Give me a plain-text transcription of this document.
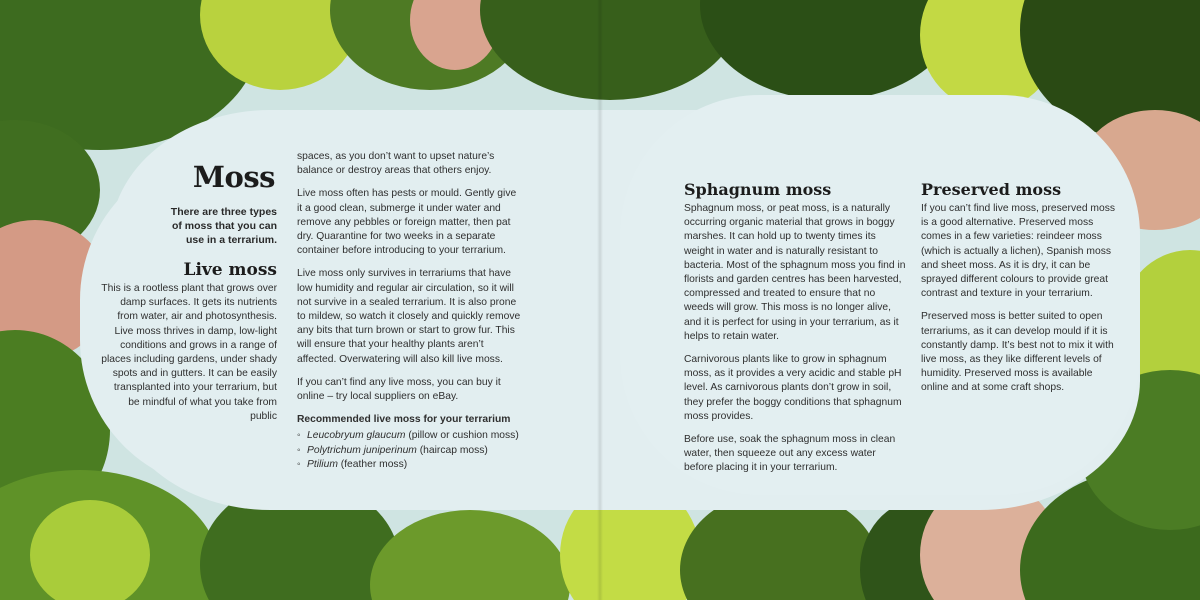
Moss
There are three types of moss that you can use in a terrarium.
Live moss
This is a rootless plant that grows over damp surfaces. It gets its nutrients from water, air and photosynthesis. Live moss thrives in damp, low-light conditions and grows in a range of places including gardens, under shady spots and in gutters. It can be easily transplanted into your terrarium, but be mindful of what you take from public

spaces, as you don’t want to upset nature’s balance or destroy areas that others enjoy.

Live moss often has pests or mould. Gently give it a good clean, submerge it under water and remove any pebbles or foreign matter, then pat dry. Quarantine for two weeks in a separate container before introducing to your terrarium.

Live moss only survives in terrariums that have low humidity and regular air circulation, so it will not survive in a sealed terrarium. It is also prone to mildew, so watch it closely and quickly remove any bits that turn brown or start to grow fur. This will ensure that your healthy plants aren’t affected. Overwatering will also kill live moss.

If you can’t find any live moss, you can buy it online – try local suppliers on eBay.

Recommended live moss for your terrarium
◦ Leucobryum glaucum (pillow or cushion moss)
◦ Polytrichum juniperinum (haircap moss)
◦ Ptilium (feather moss)
Sphagnum moss

Sphagnum moss, or peat moss, is a naturally occurring organic material that grows in boggy marshes. It can hold up to twenty times its weight in water and is naturally resistant to bacteria. Most of the sphagnum moss you find in florists and garden centres has been harvested, compressed and treated to ensure that no weeds will grow. This moss is no longer alive, and it is perfect for using in your terrarium, as it helps to retain water.

Carnivorous plants like to grow in sphagnum moss, as it provides a very acidic and stable pH level. As carnivorous plants don’t grow in soil, they prefer the boggy conditions that sphagnum moss provides.

Before use, soak the sphagnum moss in clean water, then squeeze out any excess water before placing it in your terrarium.

Preserved moss

If you can’t find live moss, preserved moss is a good alternative. Preserved moss comes in a few varieties: reindeer moss (which is actually a lichen), Spanish moss and sheet moss. As it is dry, it can be sprayed different colours to provide great contrast and texture in your terrarium.

Preserved moss is better suited to open terrariums, as it can develop mould if it is constantly damp. It’s best not to mix it with live moss, as they like different levels of humidity. Preserved moss is available online and at some craft shops.
